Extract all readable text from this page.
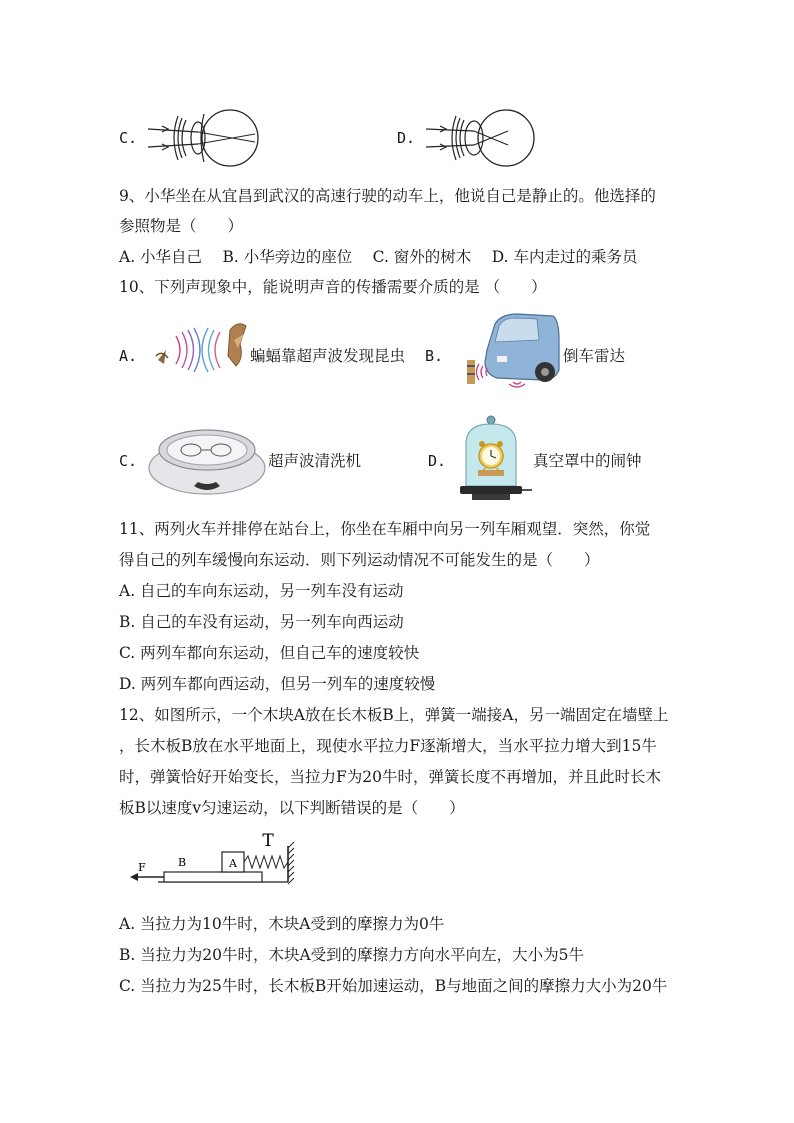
C.	D.
9、小华坐在从宜昌到武汉的高速行驶的动车上，他说自己是静止的。他选择的
参照物是（　　）
A. 小华自己　 B. 小华旁边的座位　 C. 窗外的树木　 D. 车内走过的乘务员
10、下列声现象中，能说明声音的传播需要介质的是 （　　）
A.	蝙蝠靠超声波发现昆虫 B.	倒车雷达
C.	超声波清洗机	D.	真空罩中的闹钟
11、两列火车并排停在站台上，你坐在车厢中向另一列车厢观望．突然，你觉
得自己的列车缓慢向东运动．则下列运动情况不可能发生的是（　　）
A. 自己的车向东运动，另一列车没有运动
B. 自己的车没有运动，另一列车向西运动
C. 两列车都向东运动，但自己车的速度较快
D. 两列车都向西运动，但另一列车的速度较慢
12、如图所示，一个木块A放在长木板B上，弹簧一端接A，另一端固定在墙壁上
，长木板B放在水平地面上，现使水平拉力F逐渐增大，当水平拉力增大到15牛
时，弹簧恰好开始变长，当拉力F为20牛时，弹簧长度不再增加，并且此时长木
板B以速度v匀速运动，以下判断错误的是（　　）
A
T
B
F
A. 当拉力为10牛时，木块A受到的摩擦力为0牛
B. 当拉力为20牛时，木块A受到的摩擦力方向水平向左，大小为5牛
C. 当拉力为25牛时，长木板B开始加速运动，B与地面之间的摩擦力大小为20牛
